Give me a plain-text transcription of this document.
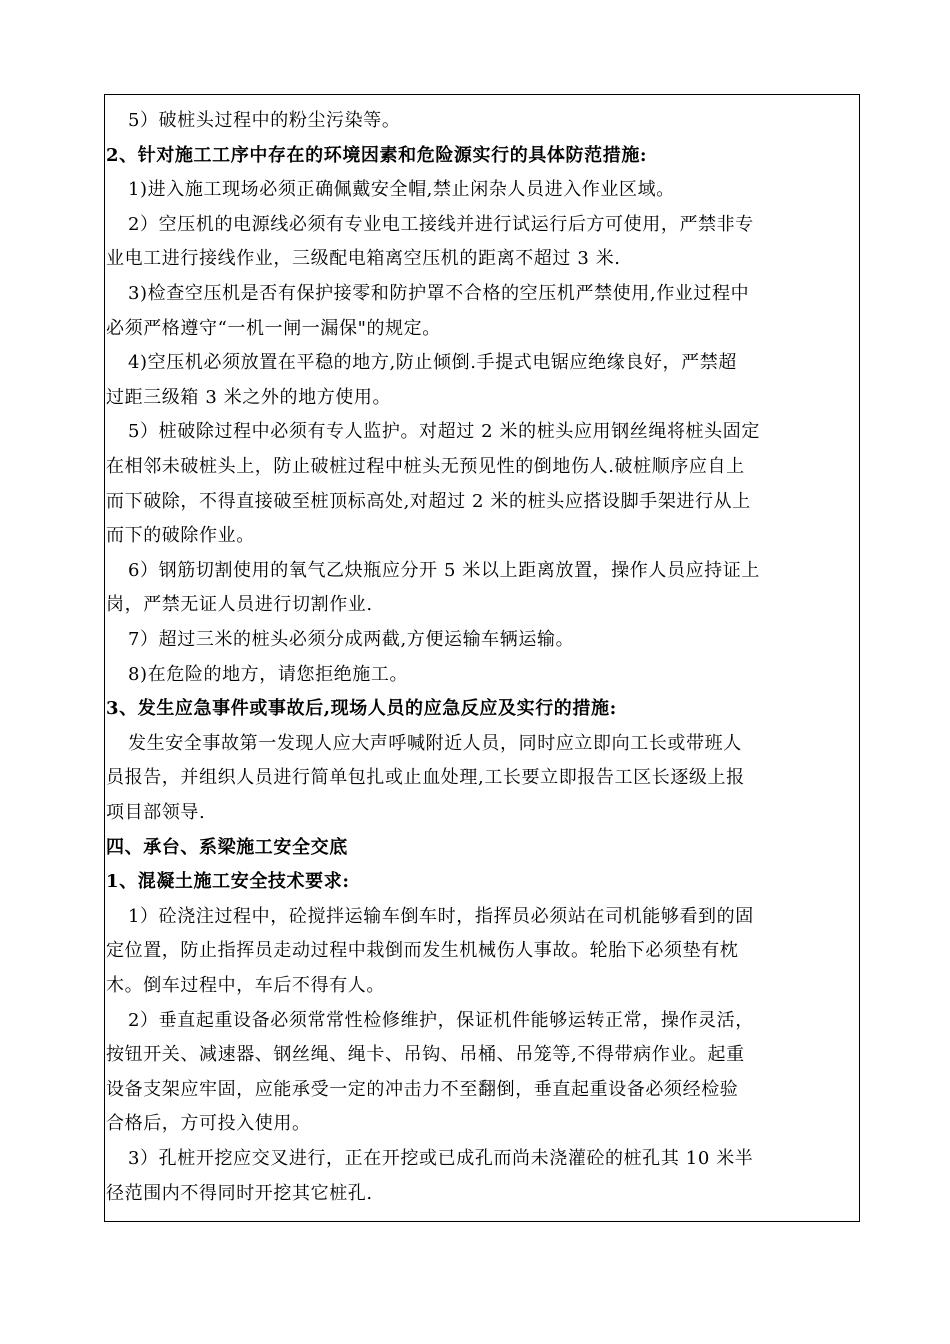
5）破桩头过程中的粉尘污染等。
2、针对施工工序中存在的环境因素和危险源实行的具体防范措施:
1)进入施工现场必须正确佩戴安全帽,禁止闲杂人员进入作业区域。
2）空压机的电源线必须有专业电工接线并进行试运行后方可使用，严禁非专
业电工进行接线作业，三级配电箱离空压机的距离不超过 3 米.
3)检查空压机是否有保护接零和防护罩不合格的空压机严禁使用,作业过程中
必须严格遵守“一机一闸一漏保"的规定。
4)空压机必须放置在平稳的地方,防止倾倒.手提式电锯应绝缘良好，严禁超
过距三级箱 3 米之外的地方使用。
5）桩破除过程中必须有专人监护。对超过 2 米的桩头应用钢丝绳将桩头固定
在相邻未破桩头上，防止破桩过程中桩头无预见性的倒地伤人.破桩顺序应自上
而下破除，不得直接破至桩顶标高处,对超过 2 米的桩头应搭设脚手架进行从上
而下的破除作业。
6）钢筋切割使用的氧气乙炔瓶应分开 5 米以上距离放置，操作人员应持证上
岗，严禁无证人员进行切割作业.
7）超过三米的桩头必须分成两截,方便运输车辆运输。
8)在危险的地方，请您拒绝施工。
3、发生应急事件或事故后,现场人员的应急反应及实行的措施:
发生安全事故第一发现人应大声呼喊附近人员，同时应立即向工长或带班人
员报告，并组织人员进行简单包扎或止血处理,工长要立即报告工区长逐级上报
项目部领导.
四、承台、系梁施工安全交底
1、混凝土施工安全技术要求:
1）砼浇注过程中，砼搅拌运输车倒车时，指挥员必须站在司机能够看到的固
定位置，防止指挥员走动过程中栽倒而发生机械伤人事故。轮胎下必须垫有枕
木。倒车过程中，车后不得有人。
2）垂直起重设备必须常常性检修维护，保证机件能够运转正常，操作灵活，
按钮开关、减速器、钢丝绳、绳卡、吊钩、吊桶、吊笼等,不得带病作业。起重
设备支架应牢固，应能承受一定的冲击力不至翻倒，垂直起重设备必须经检验
合格后，方可投入使用。
3）孔桩开挖应交叉进行，正在开挖或已成孔而尚未浇灌砼的桩孔其 10 米半
径范围内不得同时开挖其它桩孔.
